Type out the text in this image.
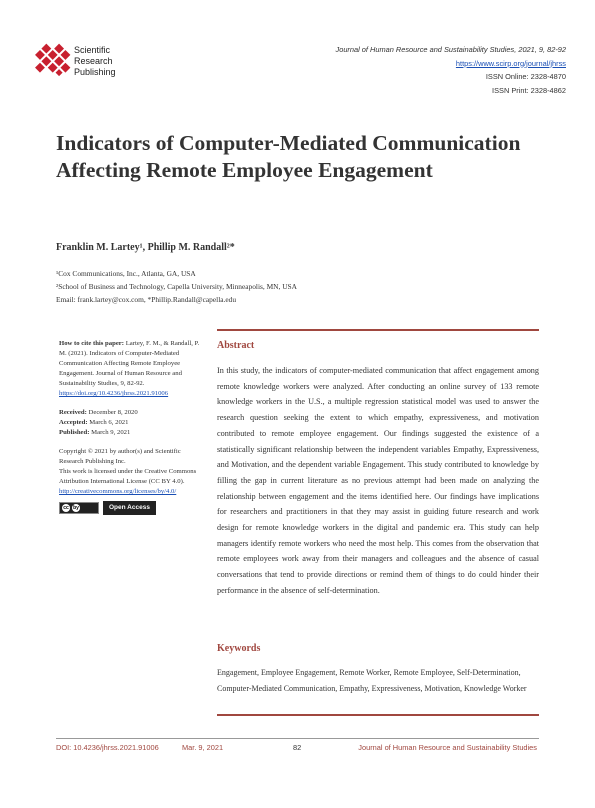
Scientific
Research
Publishing
Journal of Human Resource and Sustainability Studies, 2021, 9, 82-92
https://www.scirp.org/journal/jhrss
ISSN Online: 2328-4870
ISSN Print: 2328-4862
Indicators of Computer-Mediated Communication Affecting Remote Employee Engagement
Franklin M. Lartey¹, Phillip M. Randall²*
¹Cox Communications, Inc., Atlanta, GA, USA
²School of Business and Technology, Capella University, Minneapolis, MN, USA
Email: frank.lartey@cox.com, *Phillip.Randall@capella.edu

How to cite this paper: Lartey, F. M., & Randall, P. M. (2021). Indicators of Computer-Mediated Communication Affecting Remote Employee Engagement. Journal of Human Resource and Sustainability Studies, 9, 82-92.
https://doi.org/10.4236/jhrss.2021.91006

Received: December 8, 2020
Accepted: March 6, 2021
Published: March 9, 2021

Copyright © 2021 by author(s) and Scientific Research Publishing Inc.

This work is licensed under the Creative Commons Attribution International License (CC BY 4.0).

http://creativecommons.org/licenses/by/4.0/

cc by	Open Access
Abstract

In this study, the indicators of computer-mediated communication that affect engagement among remote knowledge workers were analyzed. After conducting an online survey of 133 remote knowledge workers in the U.S., a multiple regression statistical model was used to answer the research question seeking the extent to which empathy, expressiveness, and motivation contributed to remote employee engagement. Our findings suggested the existence of a statistically significant relationship between the independent variables Empathy, Expressiveness, and Motivation, and the dependent variable Engagement. This study contributed to knowledge by filling the gap in current literature as no previous attempt had been made on analyzing the relationship between engagement and the items identified here. Our findings have implications for researchers and practitioners in that they may assist in guiding future research and work design for remote knowledge workers in the digital and pandemic era. This study can help managers identify remote workers who need the most help. This comes from the observation that remote employees work away from their managers and colleagues and the absence of casual conversations that tend to provide directions or remind them of things to do could hinder their performance in the absence of self-determination.

Keywords

Engagement, Employee Engagement, Remote Worker, Remote Employee, Self-Determination, Computer-Mediated Communication, Empathy, Expressiveness, Motivation, Knowledge Worker

DOI: 10.4236/jhrss.2021.91006	Mar. 9, 2021	82	Journal of Human Resource and Sustainability Studies
